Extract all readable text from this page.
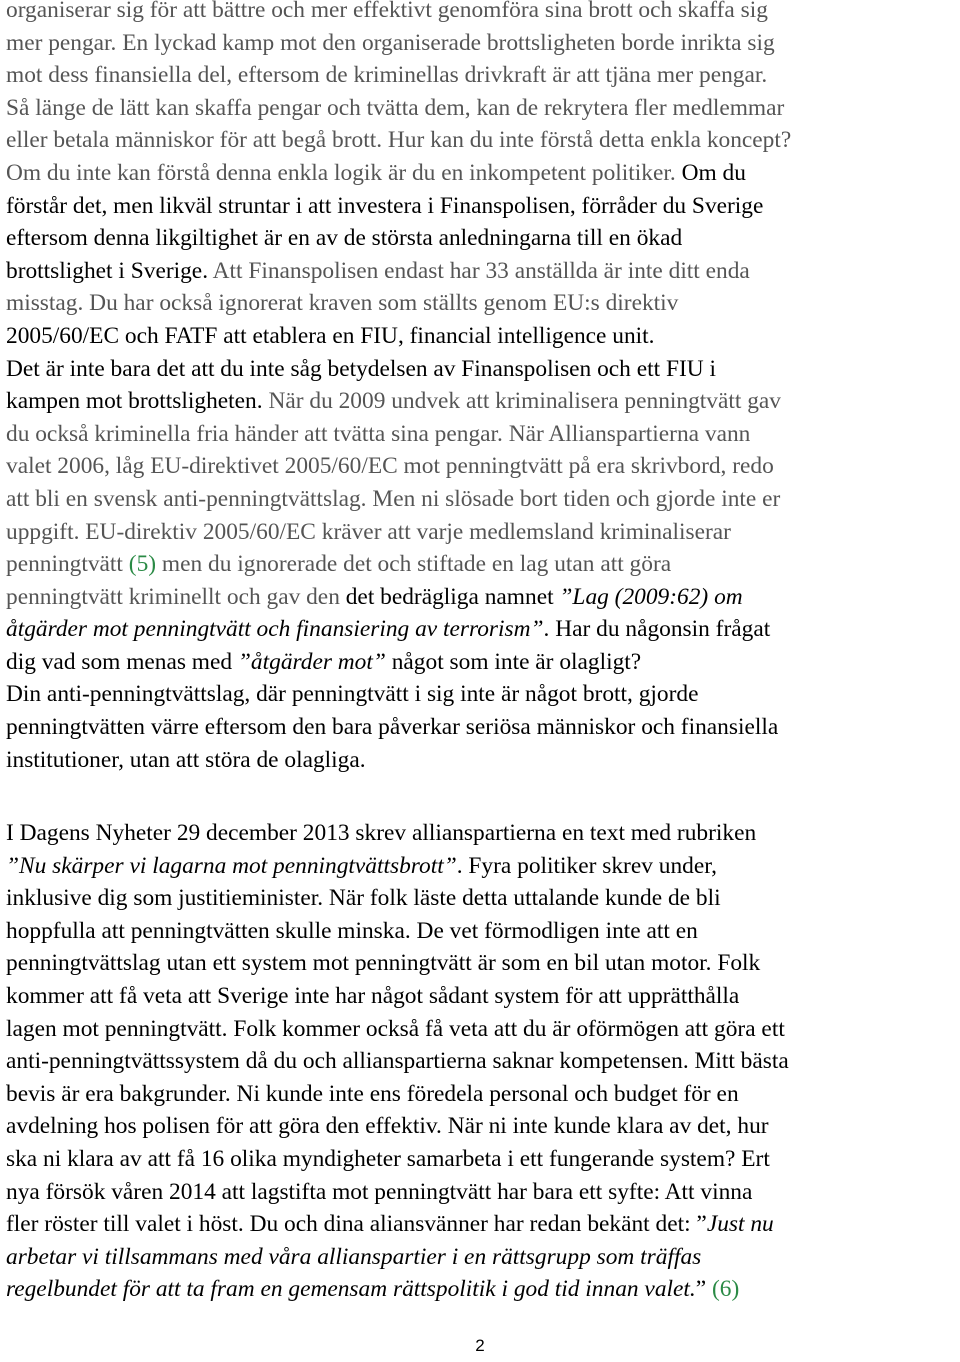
organiserar sig för att bättre och mer effektivt genomföra sina brott och skaffa sig
mer pengar. En lyckad kamp mot den organiserade brottsligheten borde inrikta sig
mot dess finansiella del, eftersom de kriminellas drivkraft är att tjäna mer pengar.
Så länge de lätt kan skaffa pengar och tvätta dem, kan de rekrytera fler medlemmar
eller betala människor för att begå brott. Hur kan du inte förstå detta enkla koncept?
Om du inte kan förstå denna enkla logik är du en inkompetent politiker. Om du
förstår det, men likväl struntar i att investera i Finanspolisen, förråder du Sverige
eftersom denna likgiltighet är en av de största anledningarna till en ökad
brottslighet i Sverige. Att Finanspolisen endast har 33 anställda är inte ditt enda
misstag. Du har också ignorerat kraven som ställts genom EU:s direktiv
2005/60/EC och FATF att etablera en FIU, financial intelligence unit.
Det är inte bara det att du inte såg betydelsen av Finanspolisen och ett FIU i
kampen mot brottsligheten. När du 2009 undvek att kriminalisera penningtvätt gav
du också kriminella fria händer att tvätta sina pengar. När Allianspartierna vann
valet 2006, låg EU-direktivet 2005/60/EC mot penningtvätt på era skrivbord, redo
att bli en svensk anti-penningtvättslag. Men ni slösade bort tiden och gjorde inte er
uppgift. EU-direktiv 2005/60/EC kräver att varje medlemsland kriminaliserar
penningtvätt (5) men du ignorerade det och stiftade en lag utan att göra
penningtvätt kriminellt och gav den det bedrägliga namnet ”Lag (2009:62) om
åtgärder mot penningtvätt och finansiering av terrorism”. Har du någonsin frågat
dig vad som menas med ”åtgärder mot” något som inte är olagligt?
Din anti-penningtvättslag, där penningtvätt i sig inte är något brott, gjorde
penningtvätten värre eftersom den bara påverkar seriösa människor och finansiella
institutioner, utan att störa de olagliga.
I Dagens Nyheter 29 december 2013 skrev allianspartierna en text med rubriken
”Nu skärper vi lagarna mot penningtvättsbrott”. Fyra politiker skrev under,
inklusive dig som justitieminister. När folk läste detta uttalande kunde de bli
hoppfulla att penningtvätten skulle minska. De vet förmodligen inte att en
penningtvättslag utan ett system mot penningtvätt är som en bil utan motor. Folk
kommer att få veta att Sverige inte har något sådant system för att upprätthålla
lagen mot penningtvätt. Folk kommer också få veta att du är oförmögen att göra ett
anti-penningtvättssystem då du och allianspartierna saknar kompetensen. Mitt bästa
bevis är era bakgrunder. Ni kunde inte ens föredela personal och budget för en
avdelning hos polisen för att göra den effektiv. När ni inte kunde klara av det, hur
ska ni klara av att få 16 olika myndigheter samarbeta i ett fungerande system? Ert
nya försök våren 2014 att lagstifta mot penningtvätt har bara ett syfte: Att vinna
fler röster till valet i höst. Du och dina aliansvänner har redan bekänt det: ”Just nu
arbetar vi tillsammans med våra allianspartier i en rättsgrupp som träffas
regelbundet för att ta fram en gemensam rättspolitik i god tid innan valet.” (6)
2
